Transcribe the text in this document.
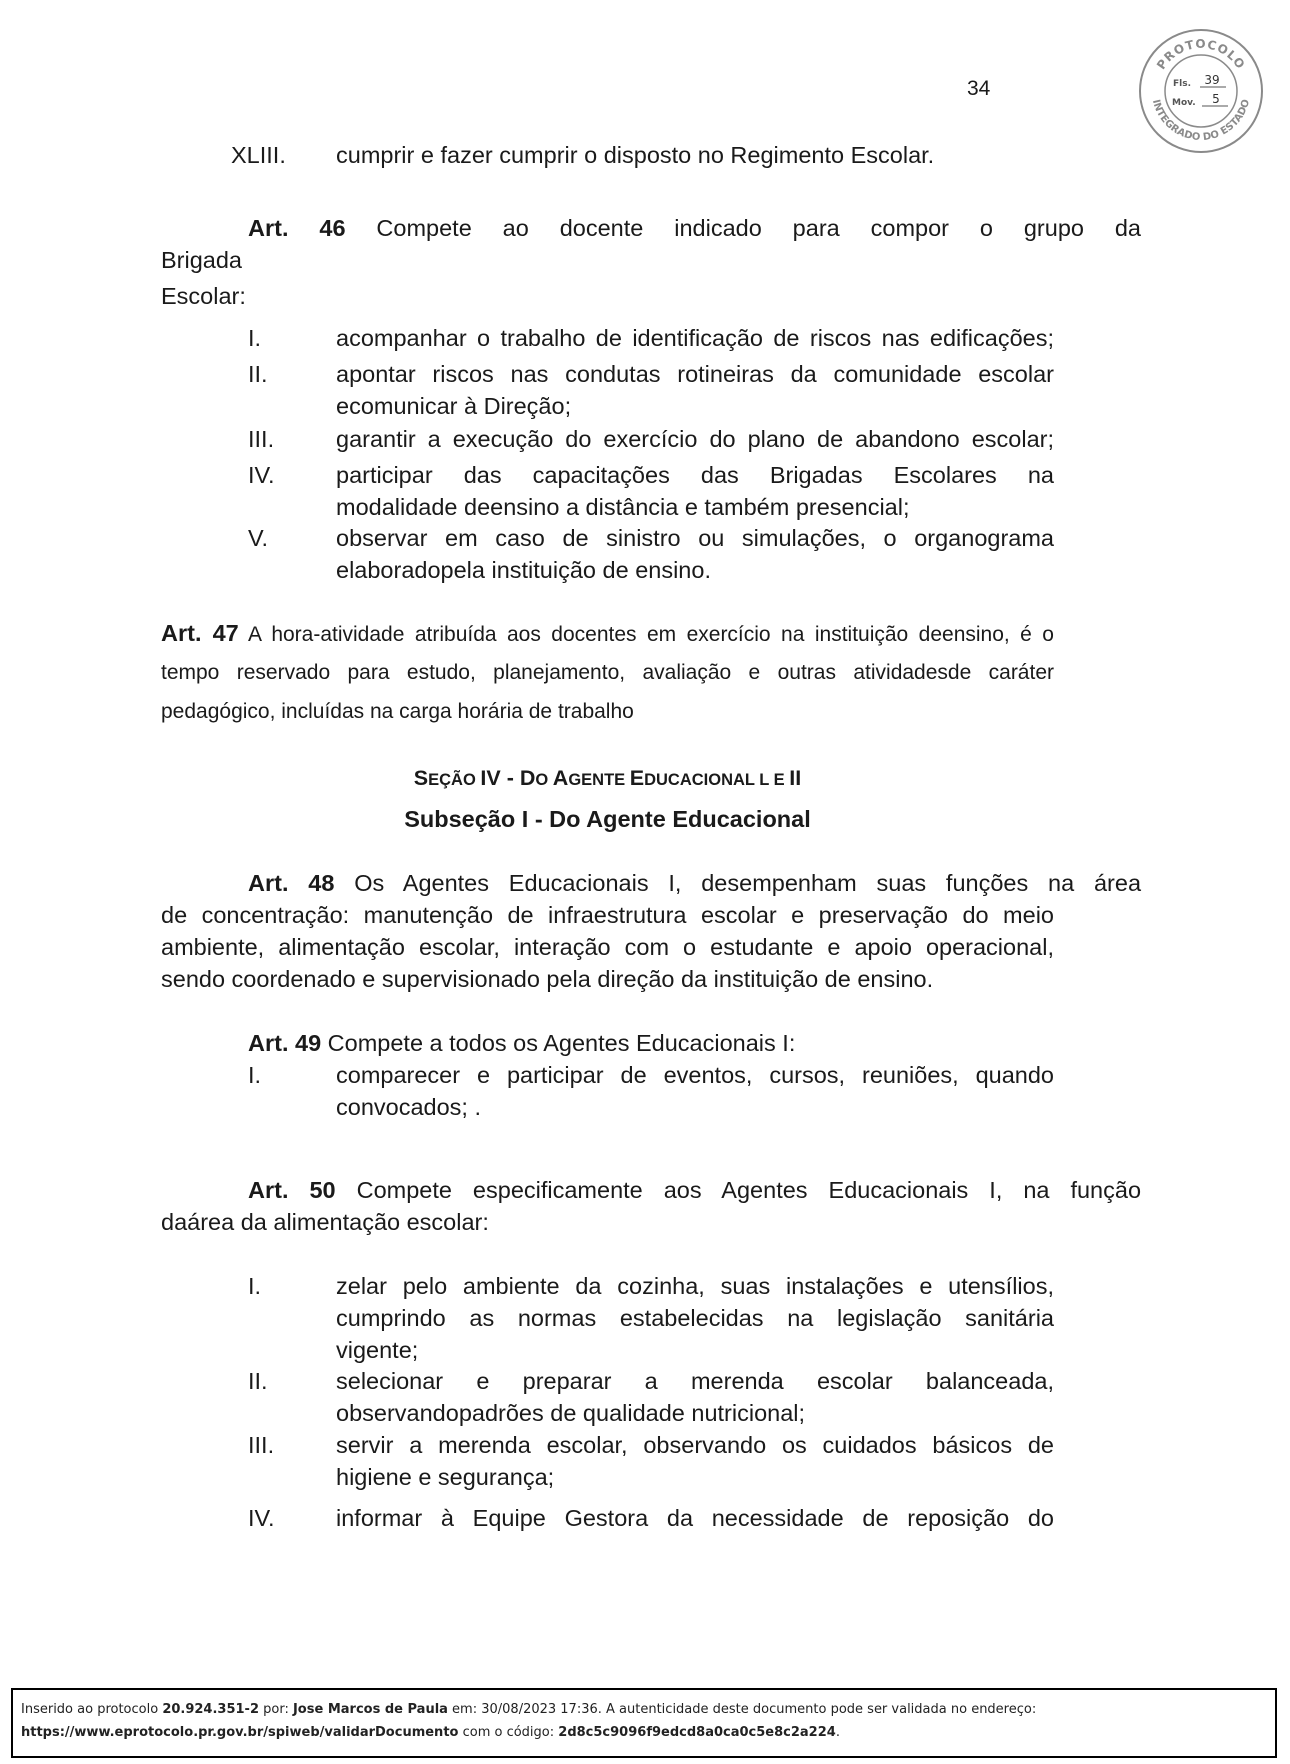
34
PROTOCOLO
INTEGRADO DO ESTADO
Fls. 39
Mov. 5
XLIII. cumprir e fazer cumprir o disposto no Regimento Escolar.
Art. 46 Compete ao docente indicado para compor o grupo da
Brigada
Escolar:
I.	acompanhar o trabalho de identificação de riscos nas edificações;
II.	apontar riscos nas condutas rotineiras da comunidade escolar
ecomunicar à Direção;
III.	garantir a execução do exercício do plano de abandono escolar;
IV.	participar das capacitações das Brigadas Escolares na
modalidade deensino a distância e também presencial;
V.	observar em caso de sinistro ou simulações, o organograma
elaboradopela instituição de ensino.
Art. 47 A hora-atividade atribuída aos docentes em exercício na instituição deensino, é o
tempo reservado para estudo, planejamento, avaliação e outras atividadesde caráter
pedagógico, incluídas na carga horária de trabalho
SEÇÃO IV - DO AGENTE EDUCACIONAL L E II
Subseção I - Do Agente Educacional
Art. 48 Os Agentes Educacionais I, desempenham suas funções na área
de concentração: manutenção de infraestrutura escolar e preservação do meio
ambiente, alimentação escolar, interação com o estudante e apoio operacional,
sendo coordenado e supervisionado pela direção da instituição de ensino.
Art. 49 Compete a todos os Agentes Educacionais I:
I.	comparecer e participar de eventos, cursos, reuniões, quando
convocados; .
Art. 50 Compete especificamente aos Agentes Educacionais I, na função
daárea da alimentação escolar:
I.	zelar pelo ambiente da cozinha, suas instalações e utensílios,
cumprindo as normas estabelecidas na legislação sanitária
vigente;
II.	selecionar e preparar a merenda escolar balanceada,
observandopadrões de qualidade nutricional;
III.	servir a merenda escolar, observando os cuidados básicos de
higiene e segurança;
IV.	informar à Equipe Gestora da necessidade de reposição do
Inserido ao protocolo 20.924.351-2 por: Jose Marcos de Paula em: 30/08/2023 17:36. A autenticidade deste documento pode ser validada no endereço:
https://www.eprotocolo.pr.gov.br/spiweb/validarDocumento com o código: 2d8c5c9096f9edcd8a0ca0c5e8c2a224.
